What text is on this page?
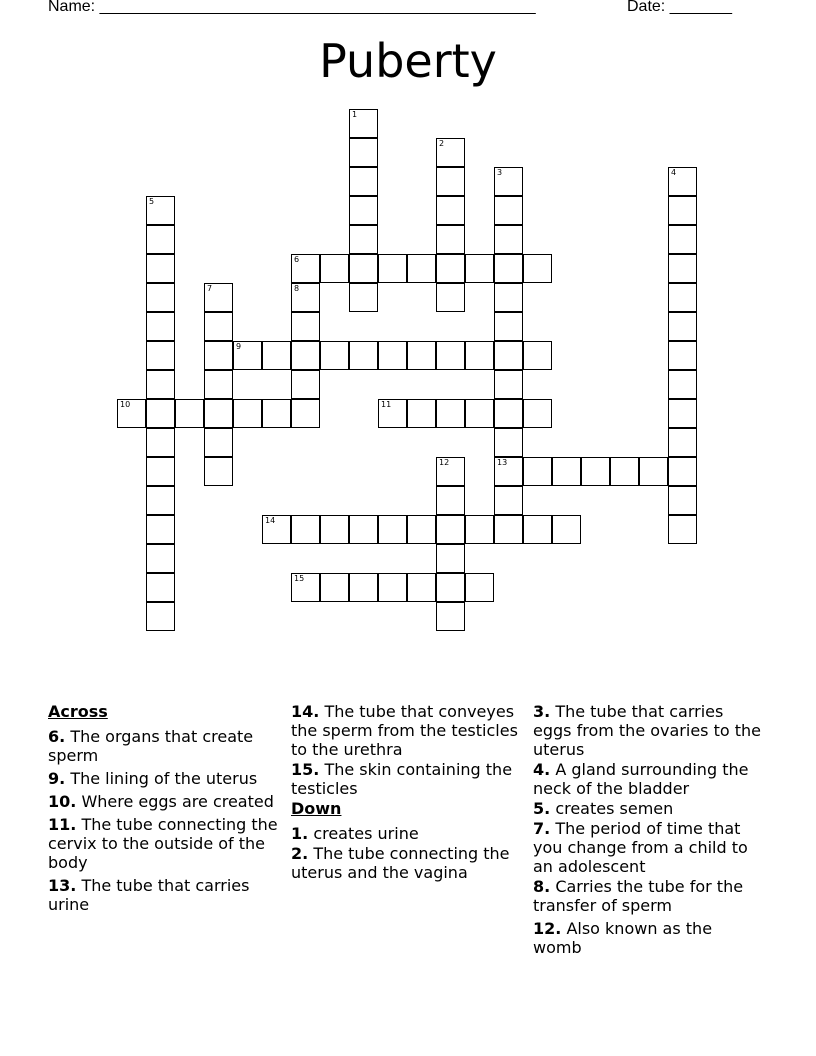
Name: _________________________________________________	Date: _______
Puberty
6
9
10	11
13
14
15
1
2
3	4
5
7	8
12
Across
6. The organs that create sperm
9. The lining of the uterus
10. Where eggs are created
11. The tube connecting the cervix to the outside of the body
13. The tube that carries urine
14. The tube that conveyes the sperm from the testicles to the urethra
15. The skin containing the testicles
Down
1. creates urine
2. The tube connecting the uterus and the vagina
3. The tube that carries eggs from the ovaries to the uterus
4. A gland surrounding the neck of the bladder
5. creates semen
7. The period of time that you change from a child to an adolescent
8. Carries the tube for the transfer of sperm
12. Also known as the womb
